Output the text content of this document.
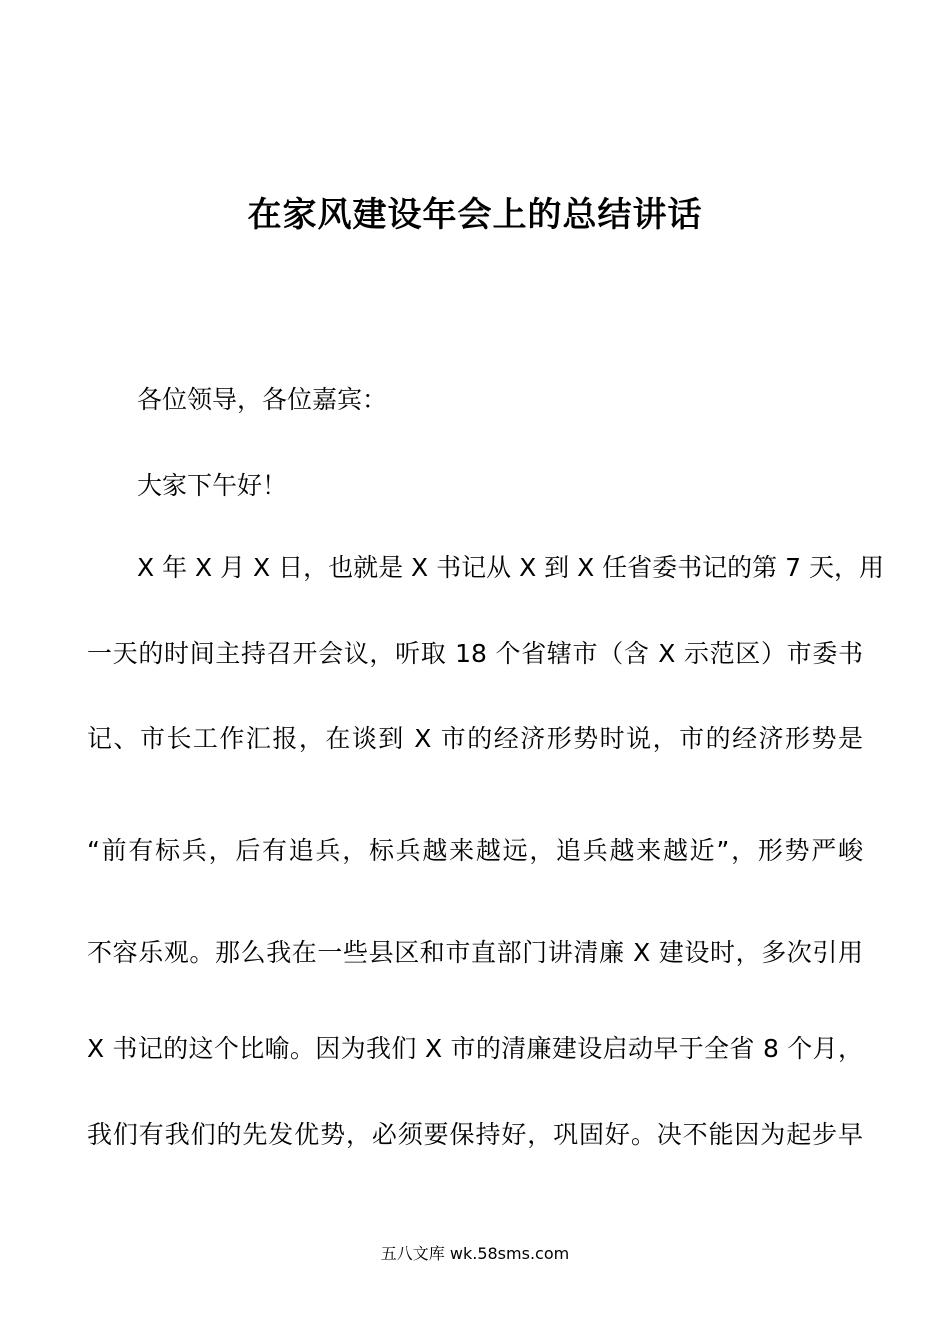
在家风建设年会上的总结讲话
各位领导，各位嘉宾：
大家下午好！
X 年 X 月 X 日，也就是 X 书记从 X 到 X 任省委书记的第 7 天，用
一天的时间主持召开会议，听取 18 个省辖市（含 X 示范区）市委书
记、市长工作汇报，在谈到 X 市的经济形势时说，市的经济形势是
“前有标兵，后有追兵，标兵越来越远，追兵越来越近”，形势严峻
不容乐观。那么我在一些县区和市直部门讲清廉 X 建设时，多次引用
X 书记的这个比喻。因为我们 X 市的清廉建设启动早于全省 8 个月，
我们有我们的先发优势，必须要保持好，巩固好。决不能因为起步早
五八文库 wk.58sms.com
